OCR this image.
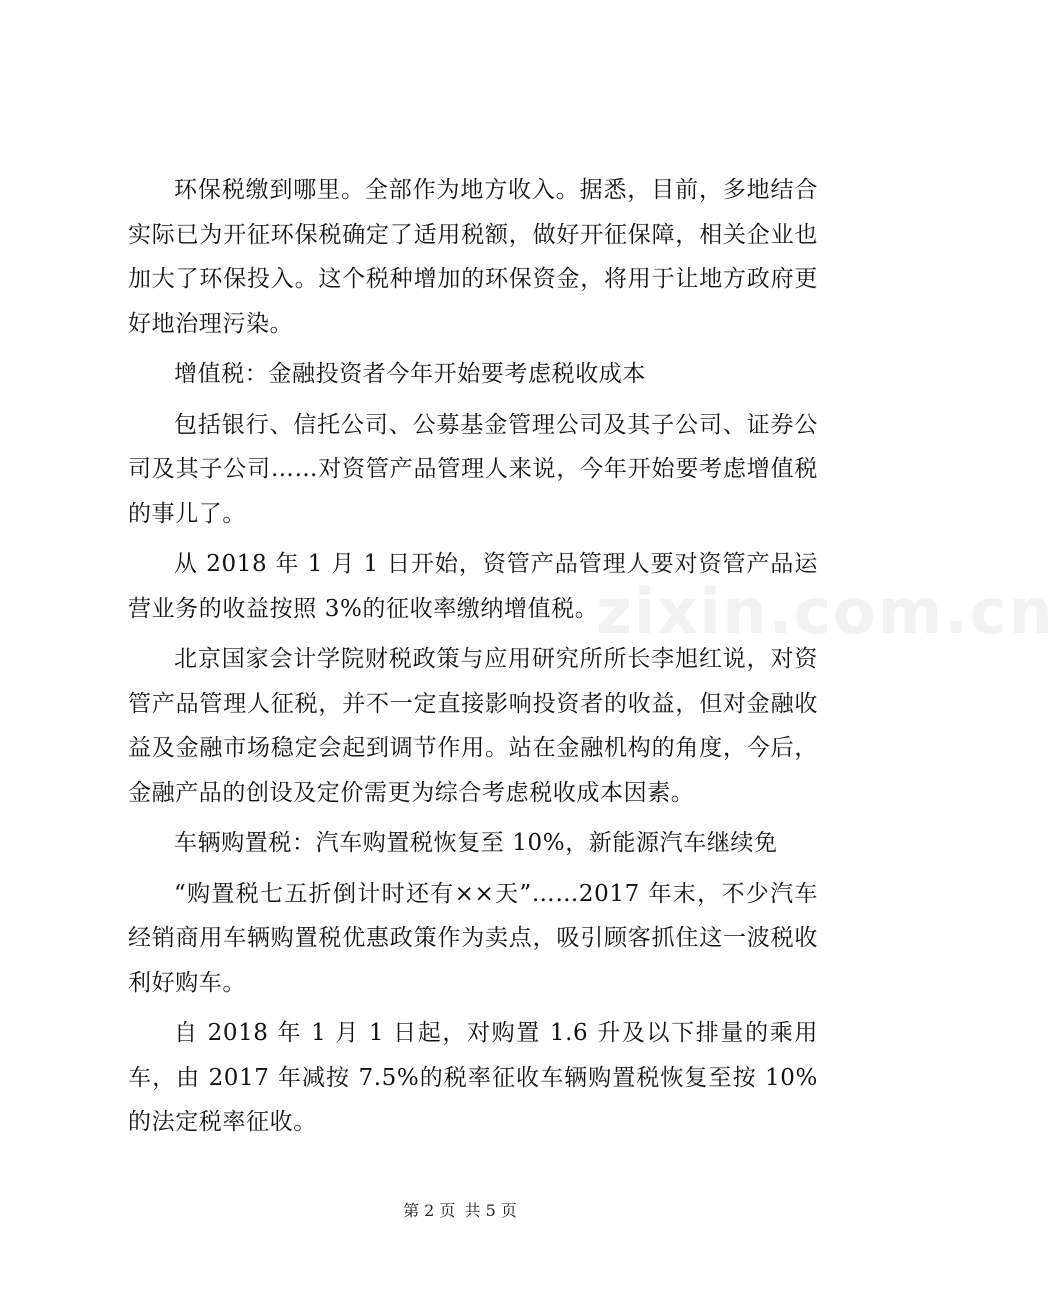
环保税缴到哪里。全部作为地方收入。据悉，目前，多地结合实际已为开征环保税确定了适用税额，做好开征保障，相关企业也加大了环保投入。这个税种增加的环保资金，将用于让地方政府更好地治理污染。

增值税：金融投资者今年开始要考虑税收成本

包括银行、信托公司、公募基金管理公司及其子公司、证券公司及其子公司……对资管产品管理人来说，今年开始要考虑增值税的事儿了。

从 2018 年 1 月 1 日开始，资管产品管理人要对资管产品运营业务的收益按照 3%的征收率缴纳增值税。

北京国家会计学院财税政策与应用研究所所长李旭红说，对资管产品管理人征税，并不一定直接影响投资者的收益，但对金融收益及金融市场稳定会起到调节作用。站在金融机构的角度，今后，金融产品的创设及定价需更为综合考虑税收成本因素。

车辆购置税：汽车购置税恢复至 10%，新能源汽车继续免

“购置税七五折倒计时还有××天”……2017 年末，不少汽车经销商用车辆购置税优惠政策作为卖点，吸引顾客抓住这一波税收利好购车。

自 2018 年 1 月 1 日起，对购置 1.6 升及以下排量的乘用车，由 2017 年减按 7.5%的税率征收车辆购置税恢复至按 10%的法定税率征收。

zixin.com.cn
第 2 页 共 5 页
